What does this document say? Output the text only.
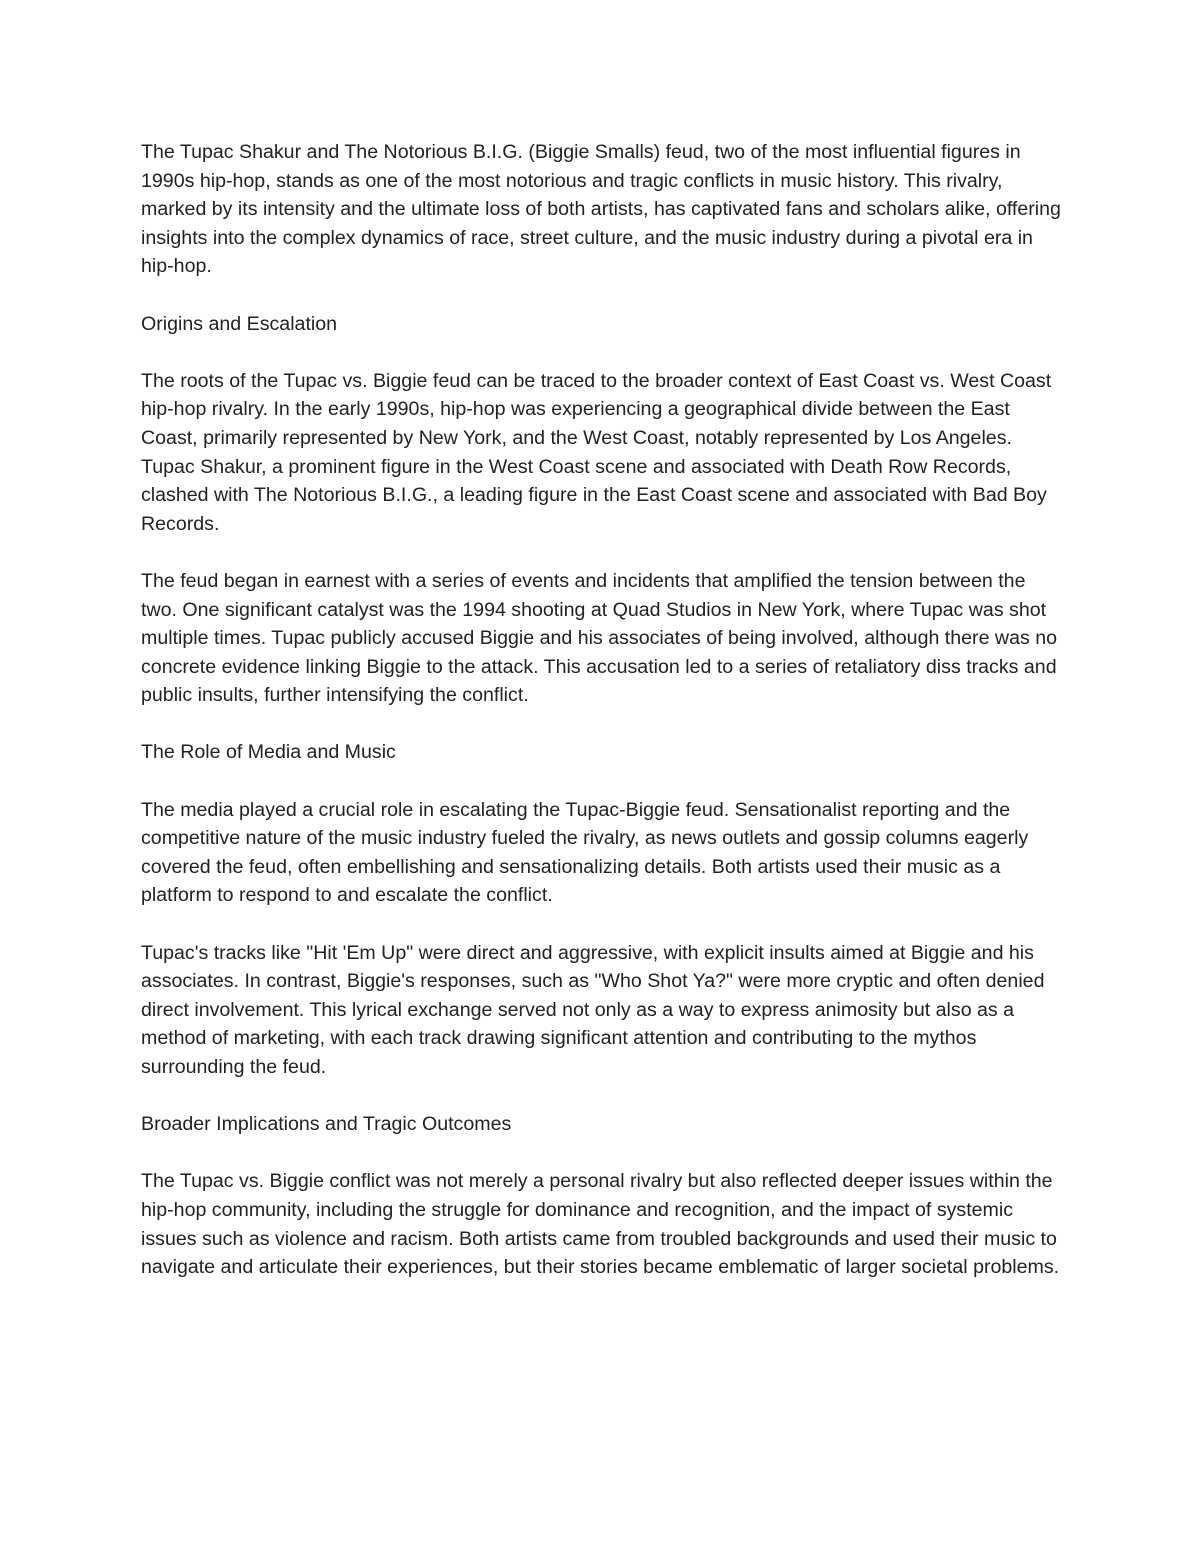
The Tupac Shakur and The Notorious B.I.G. (Biggie Smalls) feud, two of the most influential figures in 1990s hip-hop, stands as one of the most notorious and tragic conflicts in music history. This rivalry, marked by its intensity and the ultimate loss of both artists, has captivated fans and scholars alike, offering insights into the complex dynamics of race, street culture, and the music industry during a pivotal era in hip-hop.

Origins and Escalation

The roots of the Tupac vs. Biggie feud can be traced to the broader context of East Coast vs. West Coast hip-hop rivalry. In the early 1990s, hip-hop was experiencing a geographical divide between the East Coast, primarily represented by New York, and the West Coast, notably represented by Los Angeles. Tupac Shakur, a prominent figure in the West Coast scene and associated with Death Row Records, clashed with The Notorious B.I.G., a leading figure in the East Coast scene and associated with Bad Boy Records.

The feud began in earnest with a series of events and incidents that amplified the tension between the two. One significant catalyst was the 1994 shooting at Quad Studios in New York, where Tupac was shot multiple times. Tupac publicly accused Biggie and his associates of being involved, although there was no concrete evidence linking Biggie to the attack. This accusation led to a series of retaliatory diss tracks and public insults, further intensifying the conflict.

The Role of Media and Music

The media played a crucial role in escalating the Tupac-Biggie feud. Sensationalist reporting and the competitive nature of the music industry fueled the rivalry, as news outlets and gossip columns eagerly covered the feud, often embellishing and sensationalizing details. Both artists used their music as a platform to respond to and escalate the conflict.

Tupac's tracks like "Hit 'Em Up" were direct and aggressive, with explicit insults aimed at Biggie and his associates. In contrast, Biggie's responses, such as "Who Shot Ya?" were more cryptic and often denied direct involvement. This lyrical exchange served not only as a way to express animosity but also as a method of marketing, with each track drawing significant attention and contributing to the mythos surrounding the feud.

Broader Implications and Tragic Outcomes

The Tupac vs. Biggie conflict was not merely a personal rivalry but also reflected deeper issues within the hip-hop community, including the struggle for dominance and recognition, and the impact of systemic issues such as violence and racism. Both artists came from troubled backgrounds and used their music to navigate and articulate their experiences, but their stories became emblematic of larger societal problems.
